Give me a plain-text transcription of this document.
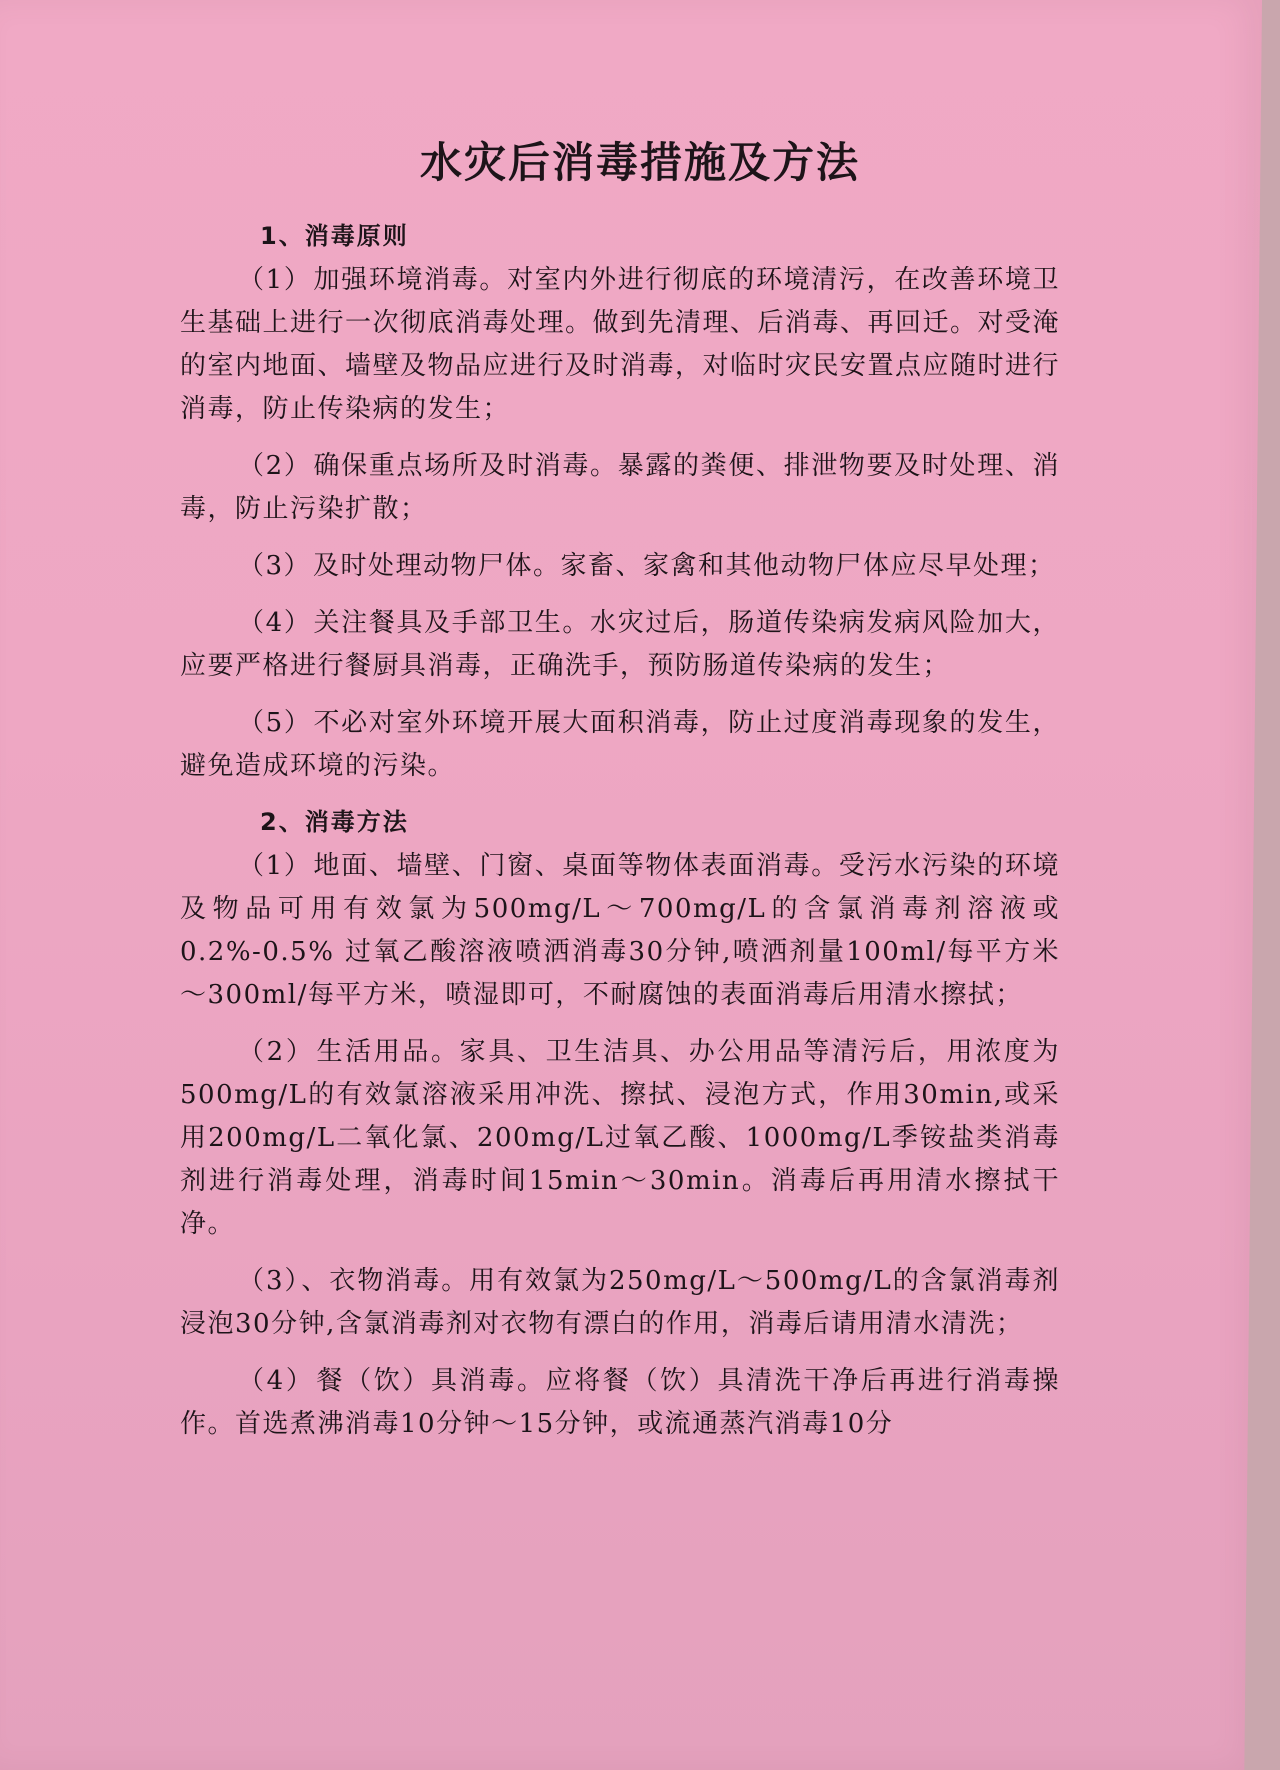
水灾后消毒措施及方法
1、消毒原则

（1）加强环境消毒。对室内外进行彻底的环境清污，在改善环境卫生基础上进行一次彻底消毒处理。做到先清理、后消毒、再回迁。对受淹的室内地面、墙壁及物品应进行及时消毒，对临时灾民安置点应随时进行消毒，防止传染病的发生；

（2）确保重点场所及时消毒。暴露的粪便、排泄物要及时处理、消毒，防止污染扩散；

（3）及时处理动物尸体。家畜、家禽和其他动物尸体应尽早处理；

（4）关注餐具及手部卫生。水灾过后，肠道传染病发病风险加大，应要严格进行餐厨具消毒，正确洗手，预防肠道传染病的发生；

（5）不必对室外环境开展大面积消毒，防止过度消毒现象的发生，避免造成环境的污染。

2、消毒方法

（1）地面、墙壁、门窗、桌面等物体表面消毒。受污水污染的环境及物品可用有效氯为500mg/L～700mg/L的含氯消毒剂溶液或0.2%-0.5% 过氧乙酸溶液喷洒消毒30分钟,喷洒剂量100ml/每平方米～300ml/每平方米，喷湿即可，不耐腐蚀的表面消毒后用清水擦拭；

（2）生活用品。家具、卫生洁具、办公用品等清污后，用浓度为500mg/L的有效氯溶液采用冲洗、擦拭、浸泡方式，作用30min,或采用200mg/L二氧化氯、200mg/L过氧乙酸、1000mg/L季铵盐类消毒剂进行消毒处理，消毒时间15min～30min。消毒后再用清水擦拭干净。

（3）、衣物消毒。用有效氯为250mg/L～500mg/L的含氯消毒剂浸泡30分钟,含氯消毒剂对衣物有漂白的作用，消毒后请用清水清洗；

（4）餐（饮）具消毒。应将餐（饮）具清洗干净后再进行消毒操作。首选煮沸消毒10分钟～15分钟，或流通蒸汽消毒10分
